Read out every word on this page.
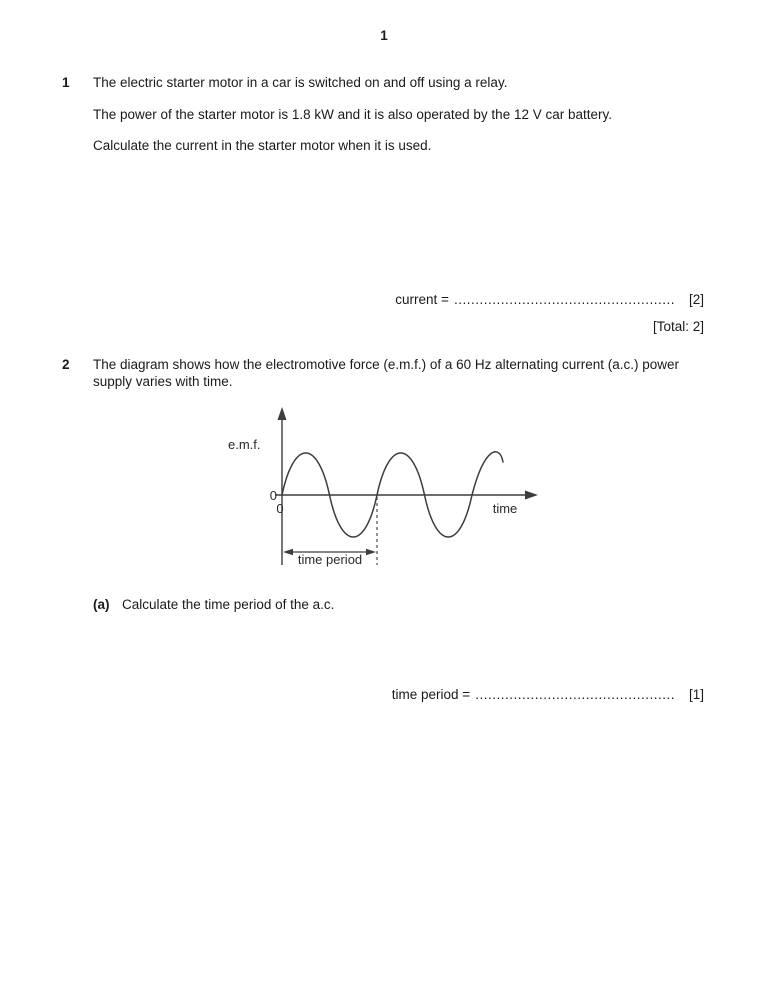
1
1 The electric starter motor in a car is switched on and off using a relay.
The power of the starter motor is 1.8 kW and it is also operated by the 12 V car battery.
Calculate the current in the starter motor when it is used.
current = .................................................... [2]
[Total: 2]
2 The diagram shows how the electromotive force (e.m.f.) of a 60 Hz alternating current (a.c.) power supply varies with time.
e.m.f.
0
0	time
time period
(a) Calculate the time period of the a.c.
time period = ............................................... [1]
